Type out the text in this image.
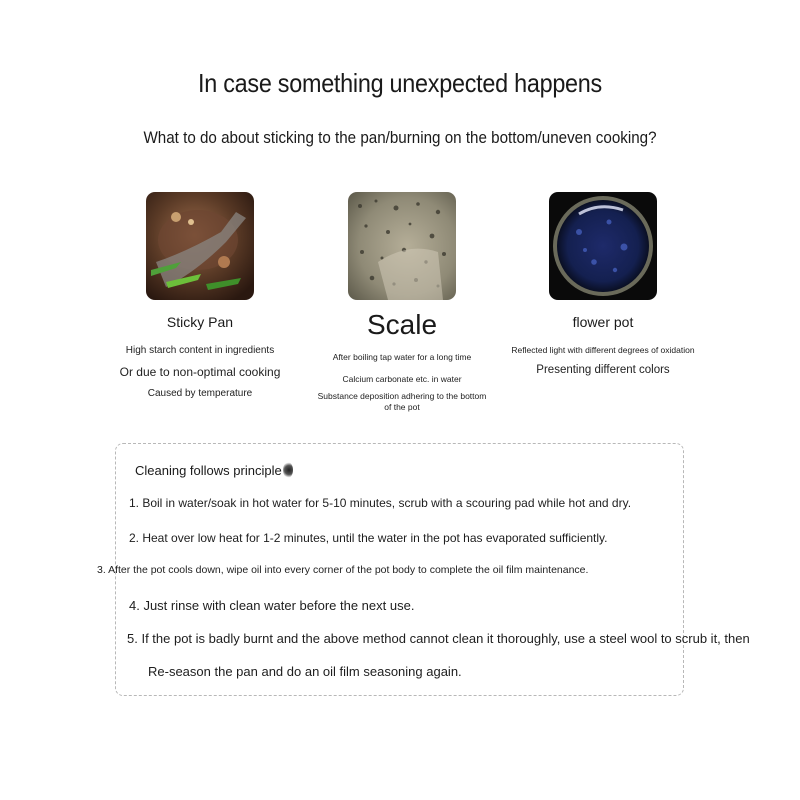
In case something unexpected happens
What to do about sticking to the pan/burning on the bottom/uneven cooking?
Sticky Pan
High starch content in ingredients
Or due to non-optimal cooking
Caused by temperature
Scale
After boiling tap water for a long time
Calcium carbonate etc. in water
Substance deposition adhering to the bottom
of the pot
flower pot
Reflected light with different degrees of oxidation
Presenting different colors
Cleaning follows principle
1. Boil in water/soak in hot water for 5-10 minutes, scrub with a scouring pad while hot and dry.
2. Heat over low heat for 1-2 minutes, until the water in the pot has evaporated sufficiently.
3. After the pot cools down, wipe oil into every corner of the pot body to complete the oil film maintenance.
4. Just rinse with clean water before the next use.
5. If the pot is badly burnt and the above method cannot clean it thoroughly, use a steel wool to scrub it, then
Re-season the pan and do an oil film seasoning again.
